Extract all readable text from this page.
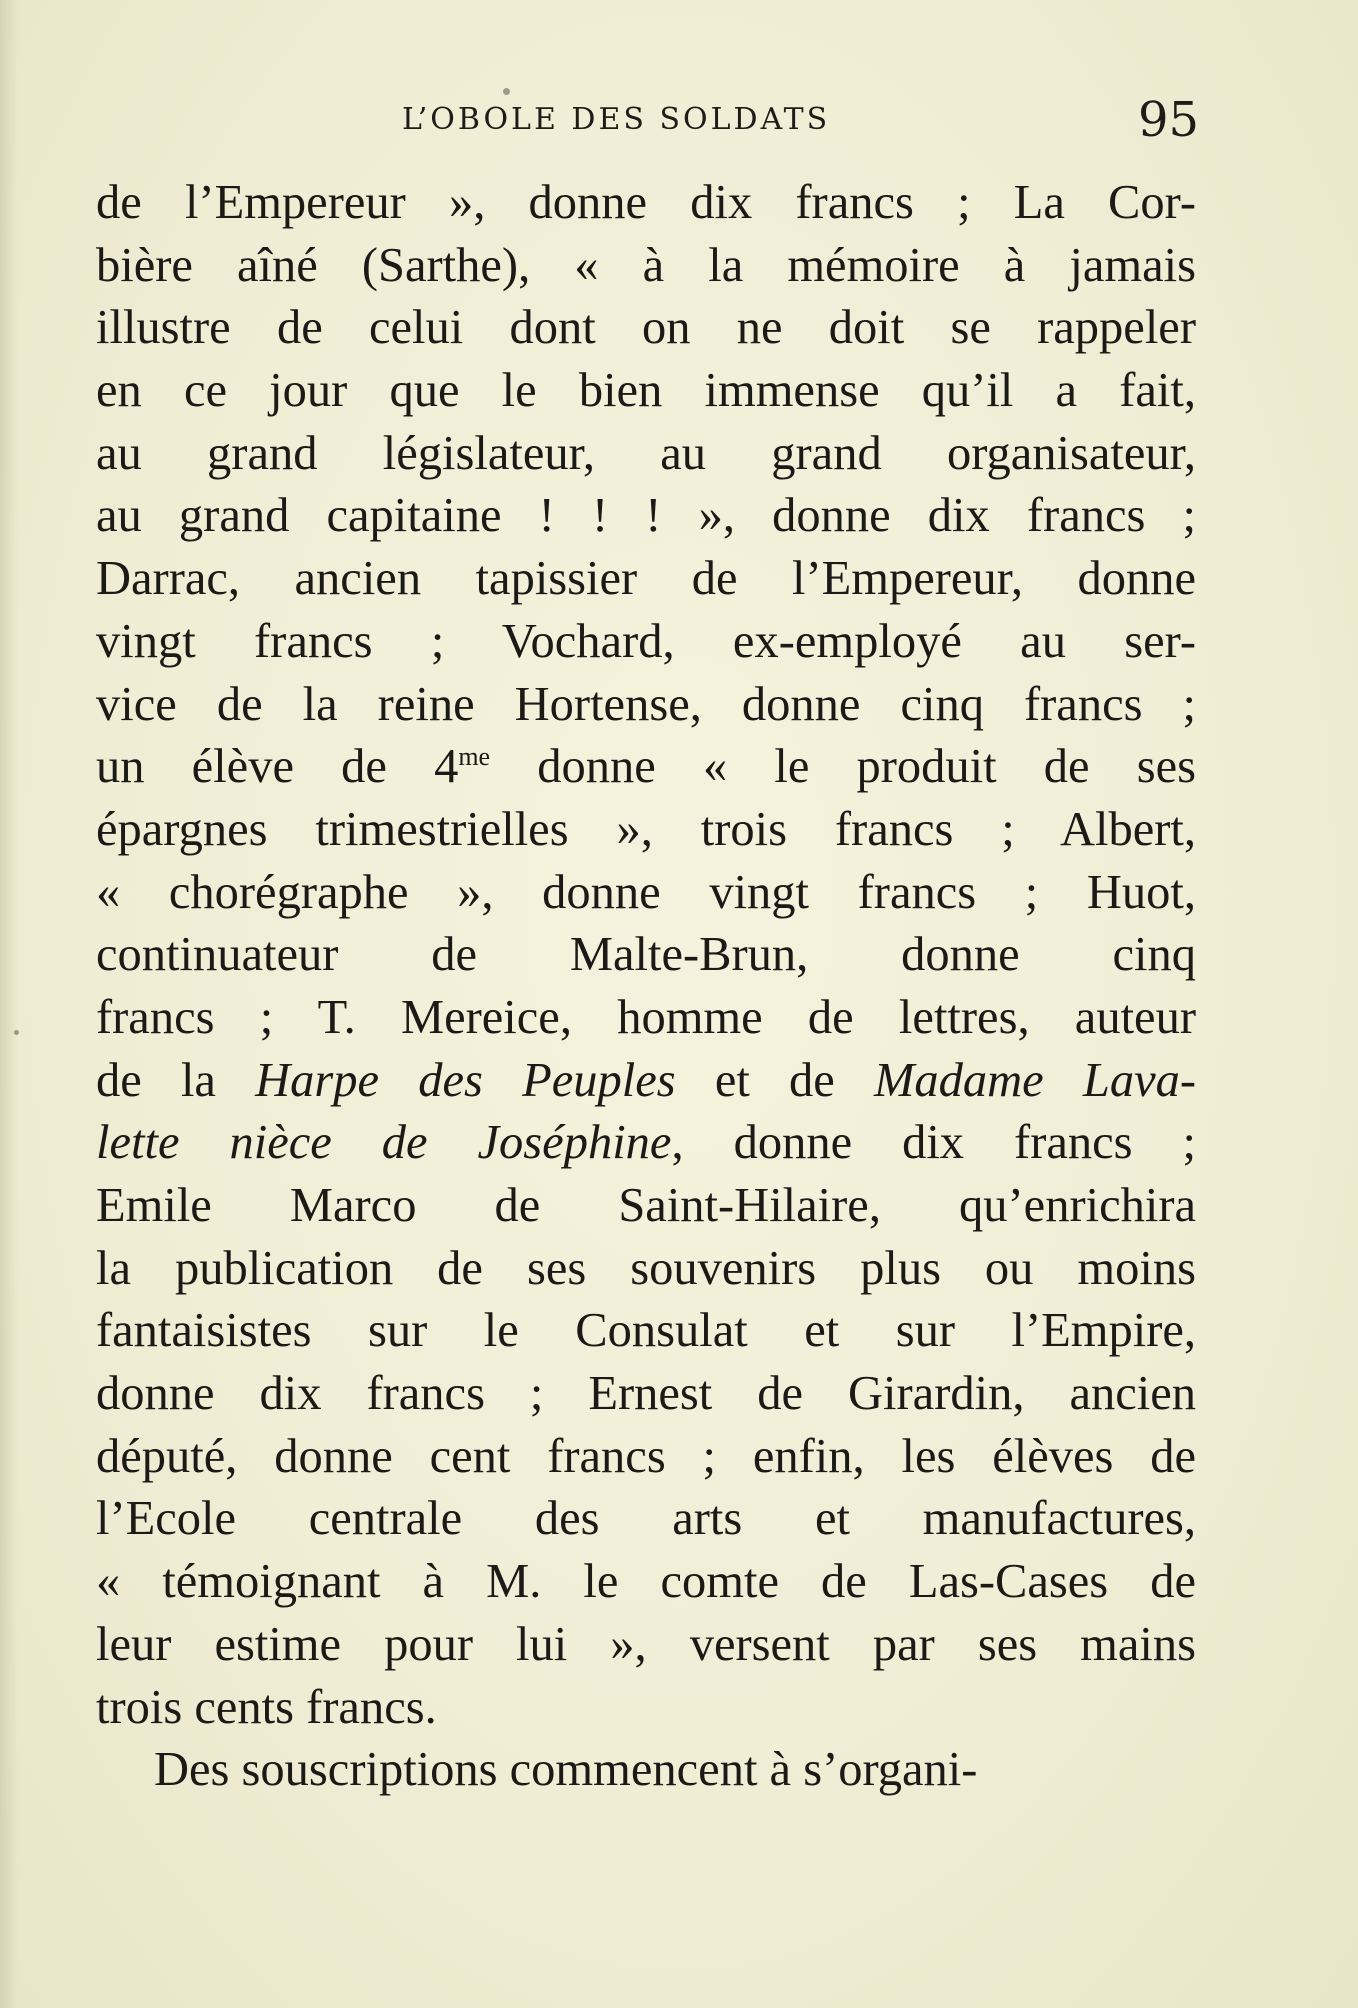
L’OBOLE DES SOLDATS	95
de l’Empereur », donne dix francs ; La Cor-
bière aîné (Sarthe), « à la mémoire à jamais
illustre de celui dont on ne doit se rappeler
en ce jour que le bien immense qu’il a fait,
au grand législateur, au grand organisateur,
au grand capitaine ! ! ! », donne dix francs ;
Darrac, ancien tapissier de l’Empereur, donne
vingt francs ; Vochard, ex-employé au ser-
vice de la reine Hortense, donne cinq francs ;
un élève de $4^{me}$ donne « le produit de ses
épargnes trimestrielles », trois francs ; Albert,
« chorégraphe », donne vingt francs ; Huot,
continuateur de Malte-Brun, donne cinq
francs ; T. Mereice, homme de lettres, auteur
de la Harpe des Peuples et de Madame Lava-
lette nièce de Joséphine, donne dix francs ;
Emile Marco de Saint-Hilaire, qu’enrichira
la publication de ses souvenirs plus ou moins
fantaisistes sur le Consulat et sur l’Empire,
donne dix francs ; Ernest de Girardin, ancien
député, donne cent francs ; enfin, les élèves de
l’Ecole centrale des arts et manufactures,
« témoignant à M. le comte de Las-Cases de
leur estime pour lui », versent par ses mains
trois cents francs.
Des souscriptions commencent à s’organi-
